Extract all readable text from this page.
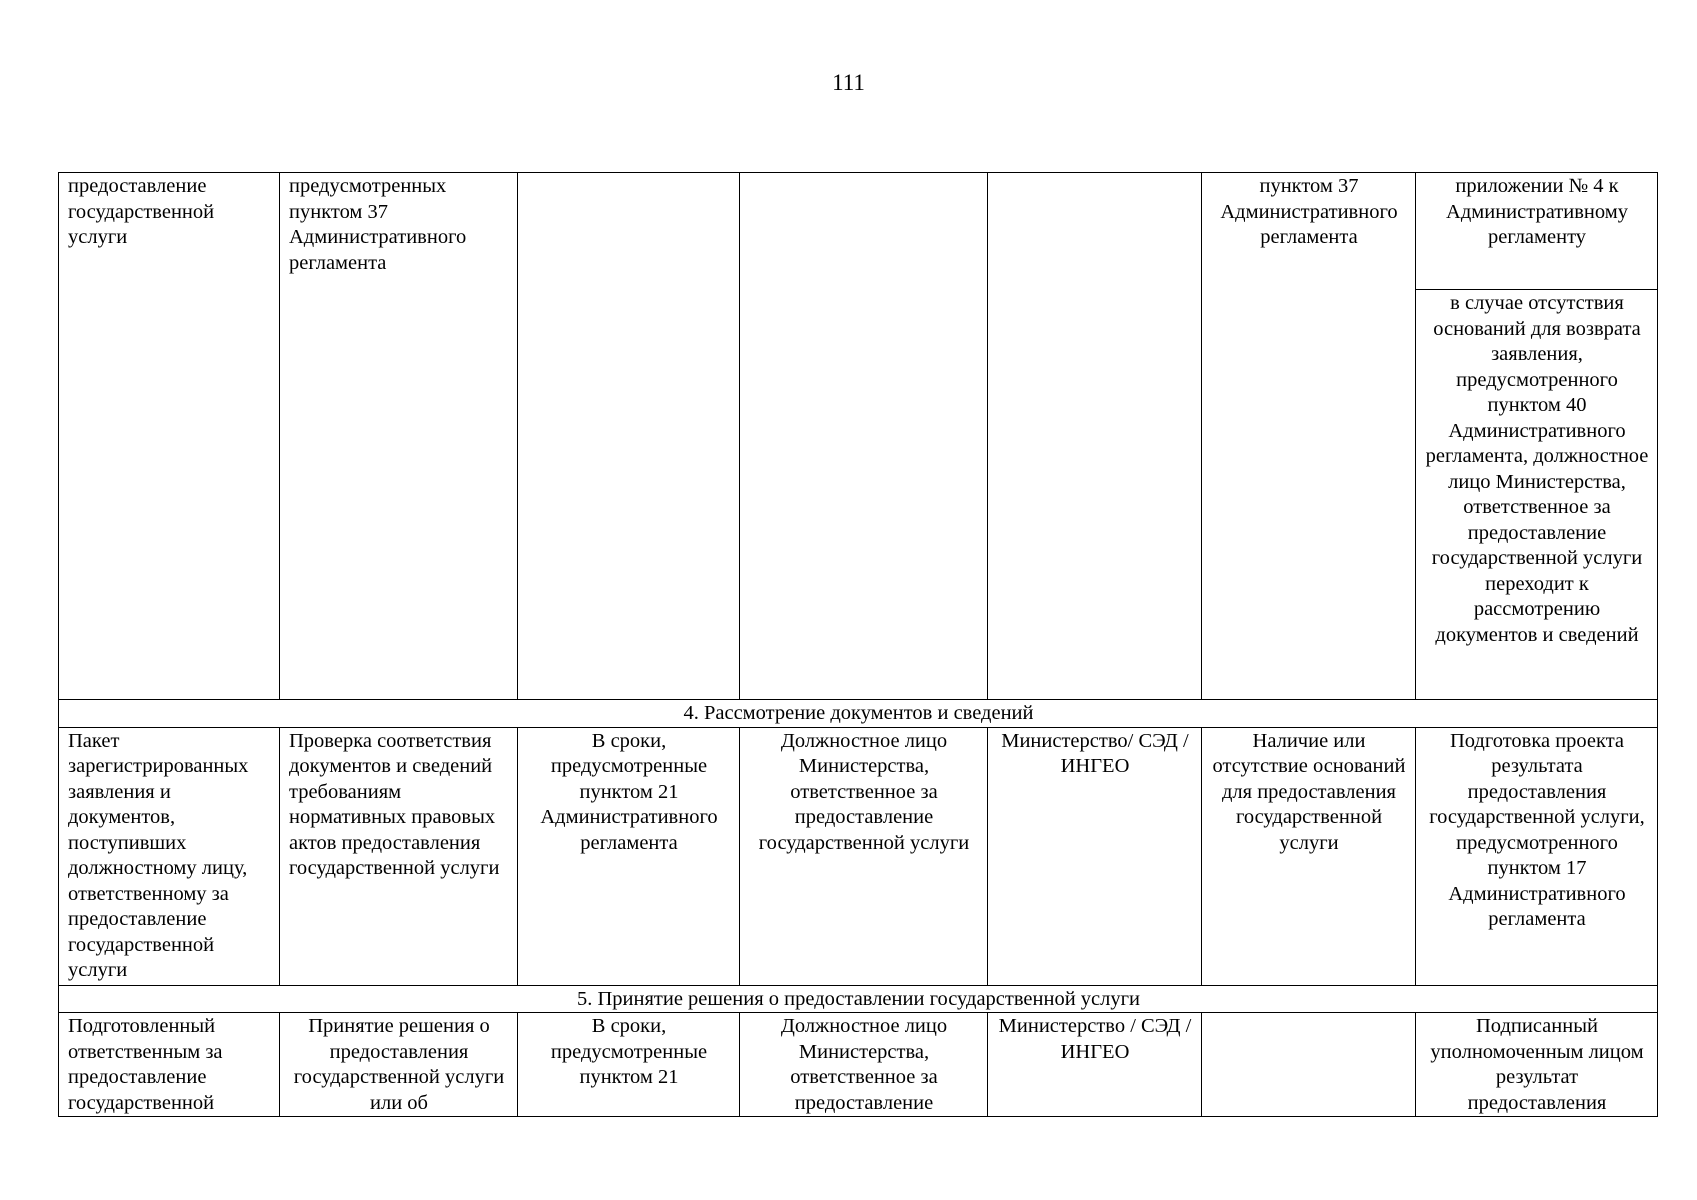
111
предоставление государственной услуги	предусмотренных пунктом 37 Административного регламента				пунктом 37 Административного регламента	приложении № 4 к Административному регламенту
						в случае отсутствия оснований для возврата заявления, предусмотренного пунктом 40 Административного регламента, должностное лицо Министерства, ответственное за предоставление государственной услуги переходит к рассмотрению документов и сведений
4. Рассмотрение документов и сведений						
Пакет зарегистрированных заявления и документов, поступивших должностному лицу, ответственному за предоставление государственной услуги	Проверка соответствия документов и сведений требованиям нормативных правовых актов предоставления государственной услуги	В сроки, предусмотренные пунктом 21 Административного регламента	Должностное лицо Министерства, ответственное за предоставление государственной услуги	Министерство/ СЭД / ИНГЕО	Наличие или отсутствие оснований для предоставления государственной услуги	Подготовка проекта результата предоставления государственной услуги, предусмотренного пунктом 17 Административного регламента
5. Принятие решения о предоставлении государственной услуги						
Подготовленный ответственным за предоставление государственной	Принятие решения о предоставления государственной услуги или об	В сроки, предусмотренные пунктом 21	Должностное лицо Министерства, ответственное за предоставление	Министерство / СЭД / ИНГЕО		Подписанный уполномоченным лицом результат предоставления
